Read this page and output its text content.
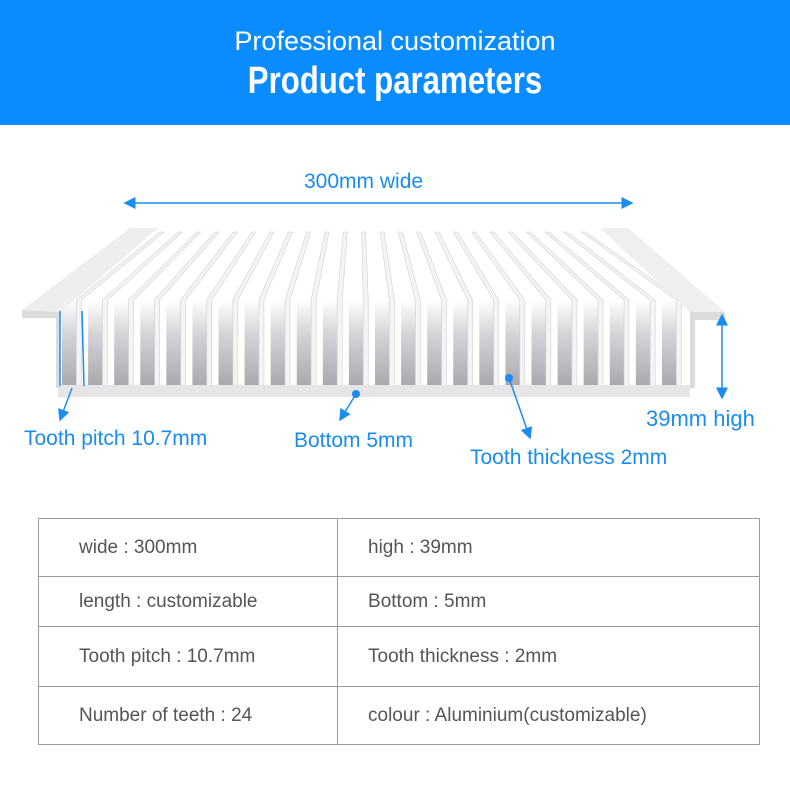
Professional customization
Product parameters
300mm wide
39mm high
Tooth pitch 10.7mm	Bottom 5mm
Tooth thickness 2mm
wide : 300mm	high : 39mm
length : customizable	Bottom : 5mm
Tooth pitch : 10.7mm	Tooth thickness : 2mm
Number of teeth : 24	colour : Aluminium(customizable)
